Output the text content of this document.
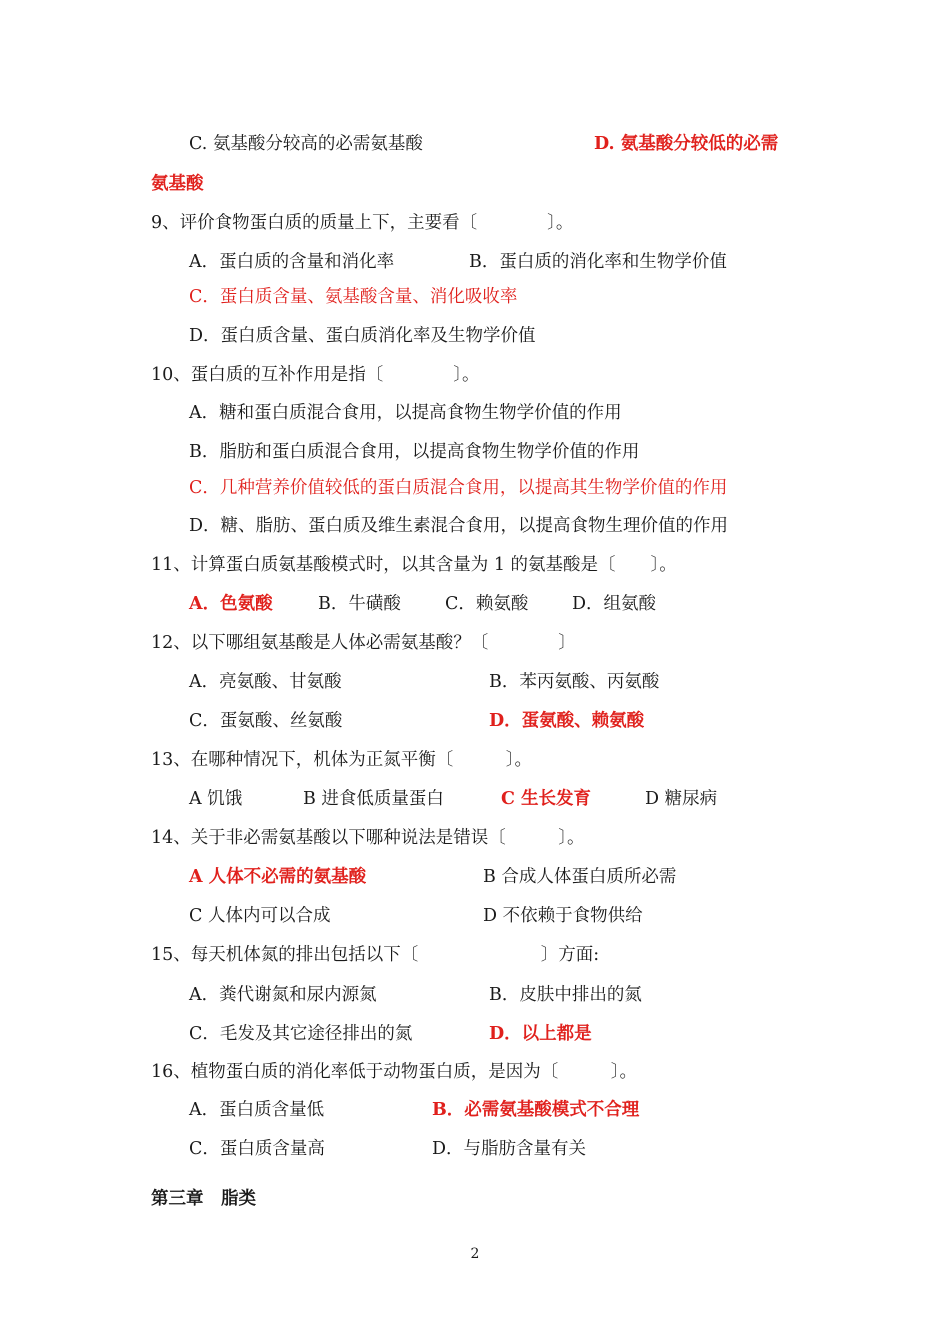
C. 氨基酸分较高的必需氨基酸	D. 氨基酸分较低的必需
氨基酸
9、评价食物蛋白质的质量上下，主要看〔　　　　〕。
A．蛋白质的含量和消化率	B．蛋白质的消化率和生物学价值
C．蛋白质含量、氨基酸含量、消化吸收率
D．蛋白质含量、蛋白质消化率及生物学价值
10、蛋白质的互补作用是指〔　　　　〕。
A．糖和蛋白质混合食用，以提高食物生物学价值的作用
B．脂肪和蛋白质混合食用，以提高食物生物学价值的作用
C．几种营养价值较低的蛋白质混合食用，以提高其生物学价值的作用
D．糖、脂肪、蛋白质及维生素混合食用，以提高食物生理价值的作用
11、计算蛋白质氨基酸模式时，以其含量为 1 的氨基酸是〔　　〕。
A．色氨酸	B．牛磺酸	C．赖氨酸 D．组氨酸
12、以下哪组氨基酸是人体必需氨基酸？〔　　　　〕
A．亮氨酸、甘氨酸	B．苯丙氨酸、丙氨酸
C．蛋氨酸、丝氨酸	D．蛋氨酸、赖氨酸
13、在哪种情况下，机体为正氮平衡〔　　　〕。
A 饥饿	B 进食低质量蛋白	C 生长发育	D 糖尿病
14、关于非必需氨基酸以下哪种说法是错误〔　　　〕。
A 人体不必需的氨基酸	B 合成人体蛋白质所必需
C 人体内可以合成	D 不依赖于食物供给
15、每天机体氮的排出包括以下〔　　　　　　　〕方面:
A．粪代谢氮和尿内源氮	B．皮肤中排出的氮
C．毛发及其它途径排出的氮	D．以上都是
16、植物蛋白质的消化率低于动物蛋白质，是因为〔　　　〕。
A．蛋白质含量低	B．必需氨基酸模式不合理
C．蛋白质含量高	D．与脂肪含量有关
第三章　脂类
2
